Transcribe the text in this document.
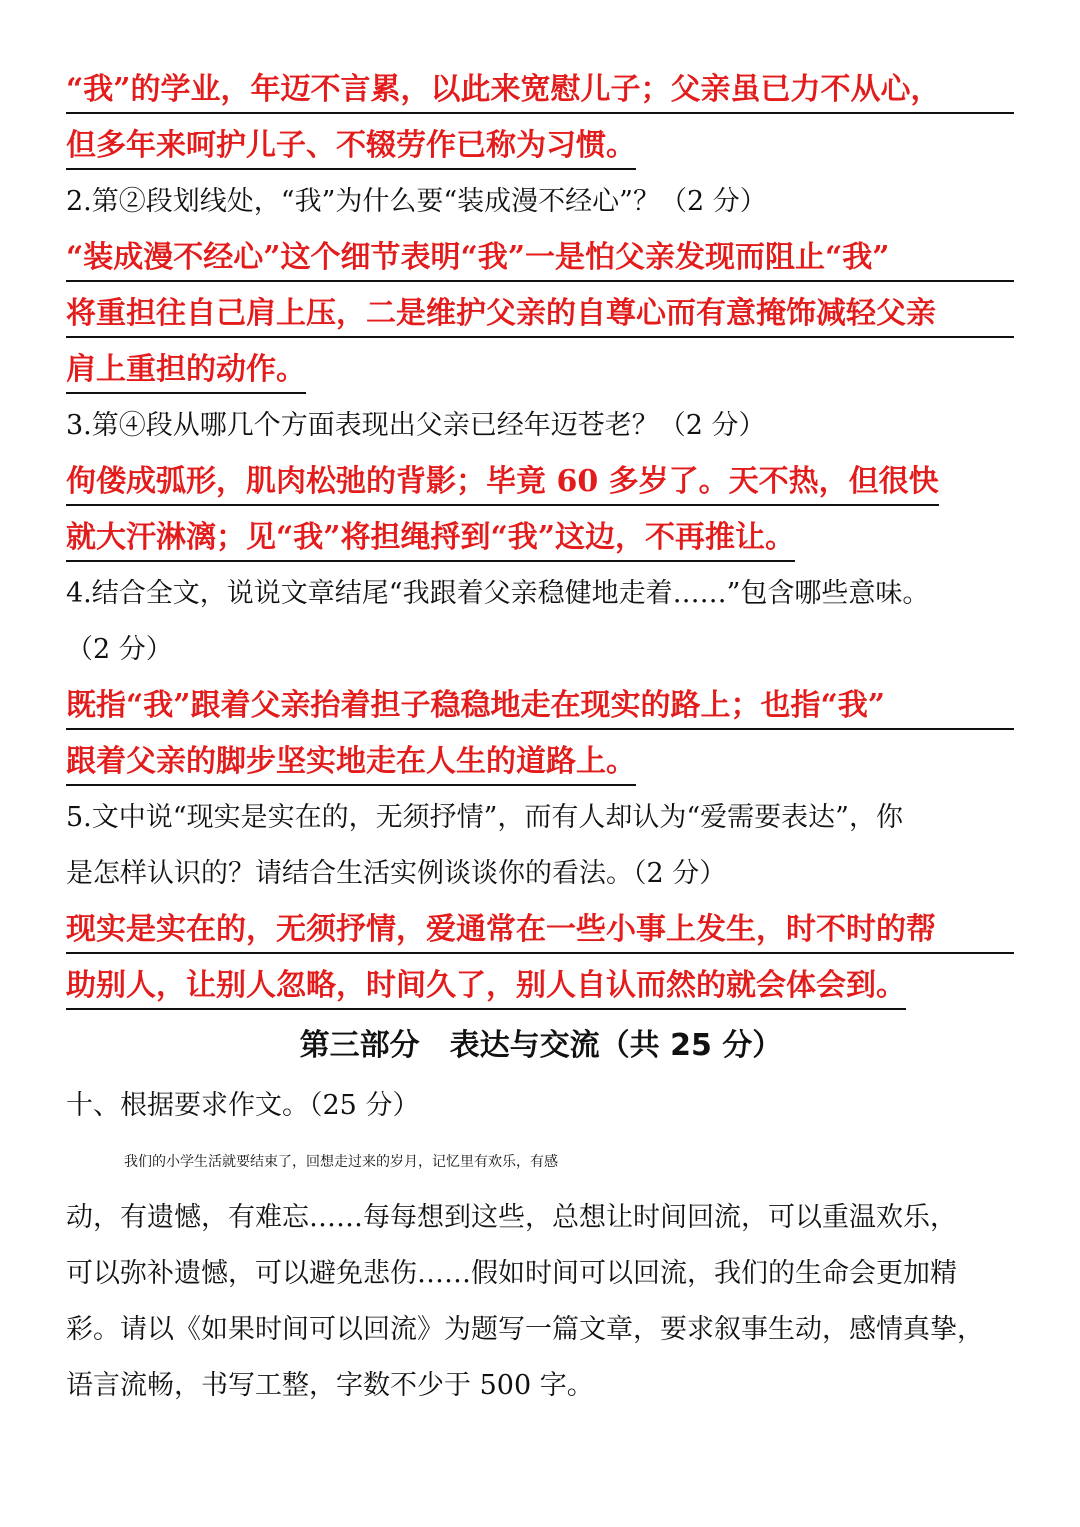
“我”的学业，年迈不言累，以此来宽慰儿子；父亲虽已力不从心，
但多年来呵护儿子、不辍劳作已称为习惯。
2.第②段划线处，“我”为什么要“装成漫不经心”？（2 分）
“装成漫不经心”这个细节表明“我”一是怕父亲发现而阻止“我”
将重担往自己肩上压，二是维护父亲的自尊心而有意掩饰减轻父亲
肩上重担的动作。
3.第④段从哪几个方面表现出父亲已经年迈苍老？（2 分）
佝偻成弧形，肌肉松弛的背影；毕竟 60 多岁了。天不热，但很快
就大汗淋漓；见“我”将担绳捋到“我”这边，不再推让。
4.结合全文，说说文章结尾“我跟着父亲稳健地走着……”包含哪些意味。
（2 分）
既指“我”跟着父亲抬着担子稳稳地走在现实的路上；也指“我”
跟着父亲的脚步坚实地走在人生的道路上。
5.文中说“现实是实在的，无须抒情”，而有人却认为“爱需要表达”，你
是怎样认识的？请结合生活实例谈谈你的看法。（2 分）
现实是实在的，无须抒情，爱通常在一些小事上发生，时不时的帮
助别人，让别人忽略，时间久了，别人自认而然的就会体会到。
第三部分　表达与交流（共 25 分）
十、根据要求作文。（25 分）
我们的小学生活就要结束了，回想走过来的岁月，记忆里有欢乐，有感
动，有遗憾，有难忘……每每想到这些，总想让时间回流，可以重温欢乐，
可以弥补遗憾，可以避免悲伤……假如时间可以回流，我们的生命会更加精
彩。请以《如果时间可以回流》为题写一篇文章，要求叙事生动，感情真挚，
语言流畅，书写工整，字数不少于 500 字。
